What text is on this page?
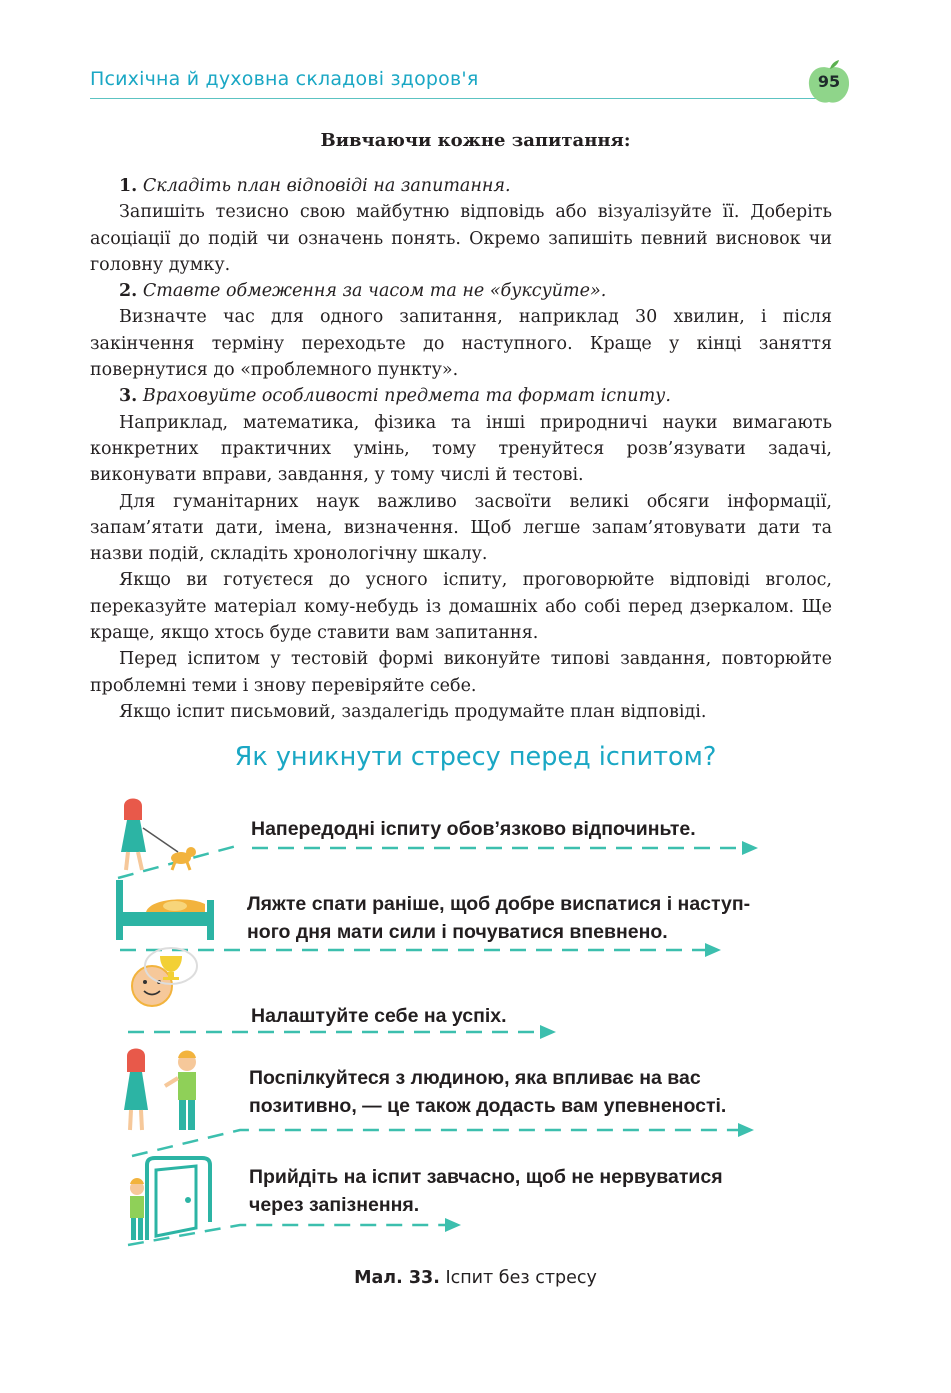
Психічна й духовна складові здоров'я	95
Вивчаючи кожне запитання:

1. Складіть план відповіді на запитання.

Запишіть тезисно свою майбутню відповідь або візуалізуйте її. Доберіть асоціації до подій чи означень понять. Окремо запишіть певний висновок чи головну думку.

2. Ставте обмеження за часом та не «буксуйте».

Визначте час для одного запитання, наприклад 30 хвилин, і після закінчення терміну переходьте до наступного. Краще у кінці заняття повернутися до «проблемного пункту».

3. Враховуйте особливості предмета та формат іспиту.

Наприклад, математика, фізика та інші природничі науки вимагають конкретних практичних умінь, тому тренуйтеся розв’язувати задачі, виконувати вправи, завдання, у тому числі й тестові.

Для гуманітарних наук важливо засвоїти великі обсяги інформації, запам’ятати дати, імена, визначення. Щоб легше запам’ятовувати дати та назви подій, складіть хронологічну шкалу.

Якщо ви готуєтеся до усного іспиту, проговорюйте відповіді вголос, переказуйте матеріал кому-небудь із домашніх або собі перед дзеркалом. Ще краще, якщо хтось буде ставити вам запитання.

Перед іспитом у тестовій формі виконуйте типові завдання, повторюйте проблемні теми і знову перевіряйте себе.

Якщо іспит письмовий, заздалегідь продумайте план відповіді.

Як уникнути стресу перед іспитом?
Напередодні іспиту обов’язково відпочиньте.
Ляжте спати раніше, щоб добре виспатися і наступ-
ного дня мати сили і почуватися впевнено.
Налаштуйте себе на успіх.
Поспілкуйтеся з людиною, яка впливає на вас
позитивно, — це також додасть вам упевненості.
Прийдіть на іспит завчасно, щоб не нервуватися
через запізнення.
Мал. 33. Іспит без стресу
